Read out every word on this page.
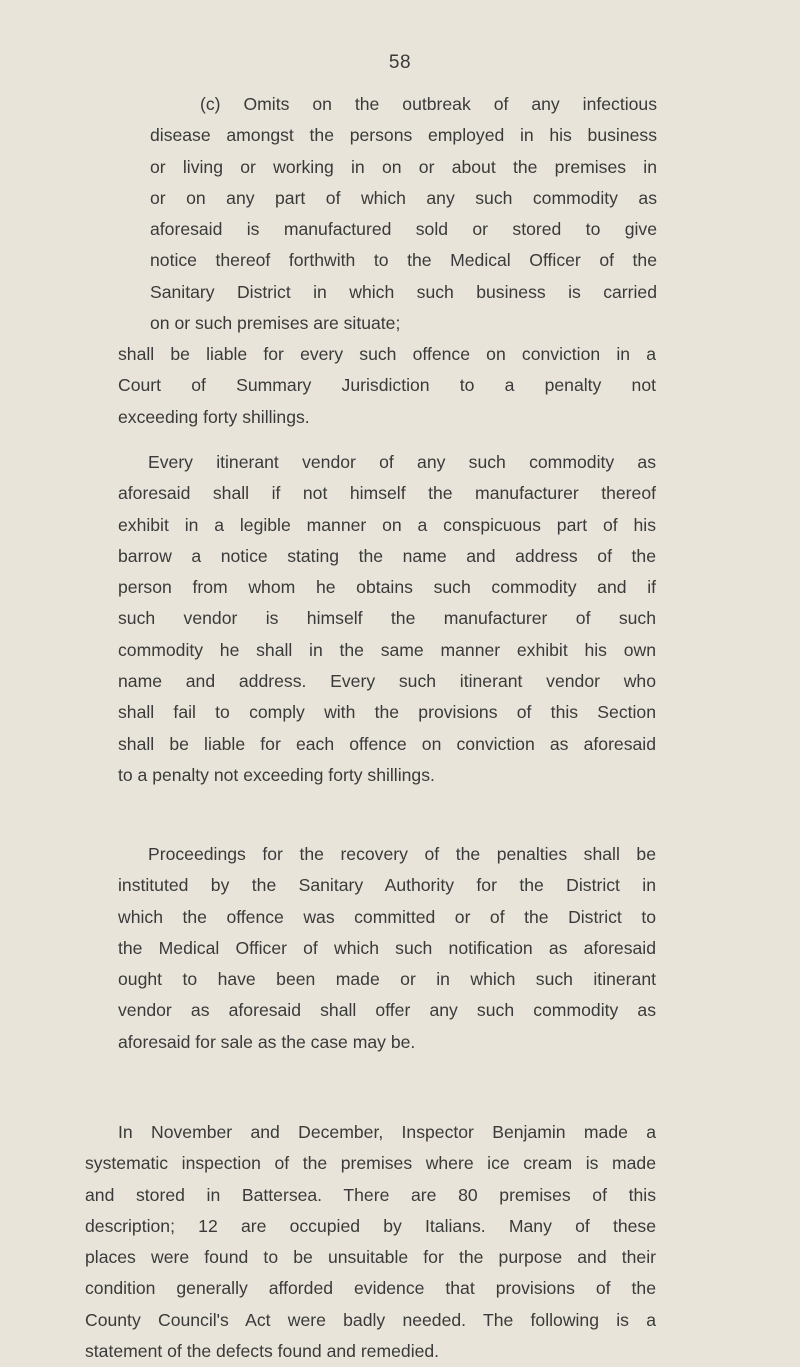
58
(c) Omits on the outbreak of any infectious
disease amongst the persons employed in his business
or living or working in on or about the premises in
or on any part of which any such commodity as
aforesaid is manufactured sold or stored to give
notice thereof forthwith to the Medical Officer of the
Sanitary District in which such business is carried
on or such premises are situate;
shall be liable for every such offence on conviction in a
Court of Summary Jurisdiction to a penalty not
exceeding forty shillings.
Every itinerant vendor of any such commodity as
aforesaid shall if not himself the manufacturer thereof
exhibit in a legible manner on a conspicuous part of his
barrow a notice stating the name and address of the
person from whom he obtains such commodity and if
such vendor is himself the manufacturer of such
commodity he shall in the same manner exhibit his own
name and address. Every such itinerant vendor who
shall fail to comply with the provisions of this Section
shall be liable for each offence on conviction as aforesaid
to a penalty not exceeding forty shillings.
Proceedings for the recovery of the penalties shall be
instituted by the Sanitary Authority for the District in
which the offence was committed or of the District to
the Medical Officer of which such notification as aforesaid
ought to have been made or in which such itinerant
vendor as aforesaid shall offer any such commodity as
aforesaid for sale as the case may be.
In November and December, Inspector Benjamin made a
systematic inspection of the premises where ice cream is made
and stored in Battersea. There are 80 premises of this
description; 12 are occupied by Italians. Many of these
places were found to be unsuitable for the purpose and their
condition generally afforded evidence that provisions of the
County Council's Act were badly needed. The following is a
statement of the defects found and remedied.
